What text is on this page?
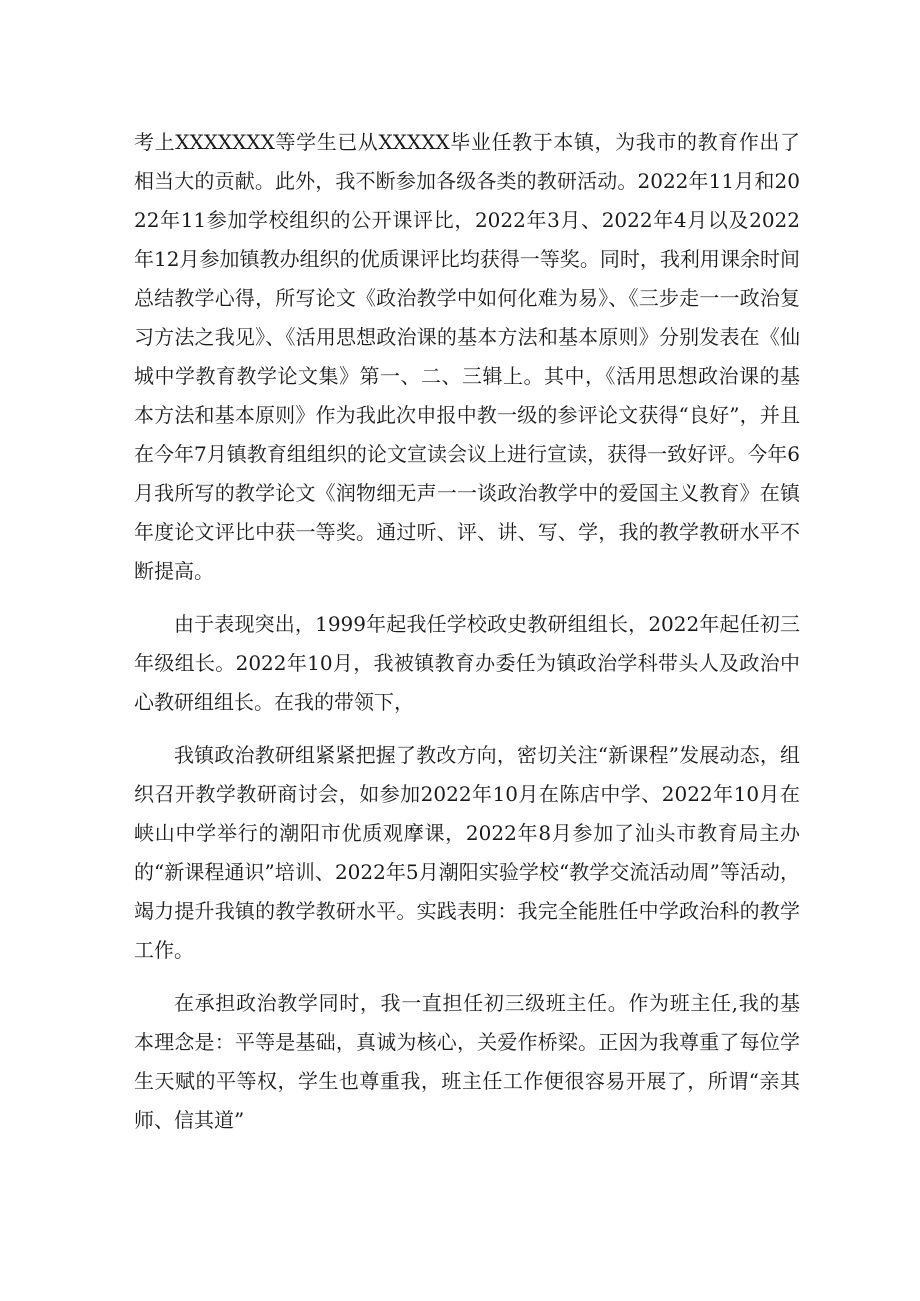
考上XXXXXXX等学生已从XXXXX毕业任教于本镇，为我市的教育作出了相当大的贡献。此外，我不断参加各级各类的教研活动。2022年11月和2022年11参加学校组织的公开课评比，2022年3月、2022年4月以及2022年12月参加镇教办组织的优质课评比均获得一等奖。同时，我利用课余时间总结教学心得，所写论文《政治教学中如何化难为易》、《三步走一一政治复习方法之我见》、《活用思想政治课的基本方法和基本原则》分别发表在《仙城中学教育教学论文集》第一、二、三辑上。其中，《活用思想政治课的基本方法和基本原则》作为我此次申报中教一级的参评论文获得“良好”，并且在今年7月镇教育组组织的论文宣读会议上进行宣读，获得一致好评。今年6月我所写的教学论文《润物细无声一一谈政治教学中的爱国主义教育》在镇年度论文评比中获一等奖。通过听、评、讲、写、学，我的教学教研水平不断提高。

由于表现突出，1999年起我任学校政史教研组组长，2022年起任初三年级组长。2022年10月，我被镇教育办委任为镇政治学科带头人及政治中心教研组组长。在我的带领下，

我镇政治教研组紧紧把握了教改方向，密切关注“新课程”发展动态，组织召开教学教研商讨会，如参加2022年10月在陈店中学、2022年10月在峡山中学举行的潮阳市优质观摩课，2022年8月参加了汕头市教育局主办的“新课程通识”培训、2022年5月潮阳实验学校“教学交流活动周”等活动，竭力提升我镇的教学教研水平。实践表明：我完全能胜任中学政治科的教学工作。

在承担政治教学同时，我一直担任初三级班主任。作为班主任,我的基本理念是：平等是基础，真诚为核心，关爱作桥梁。正因为我尊重了每位学生天赋的平等权，学生也尊重我，班主任工作便很容易开展了，所谓“亲其师、信其道”
